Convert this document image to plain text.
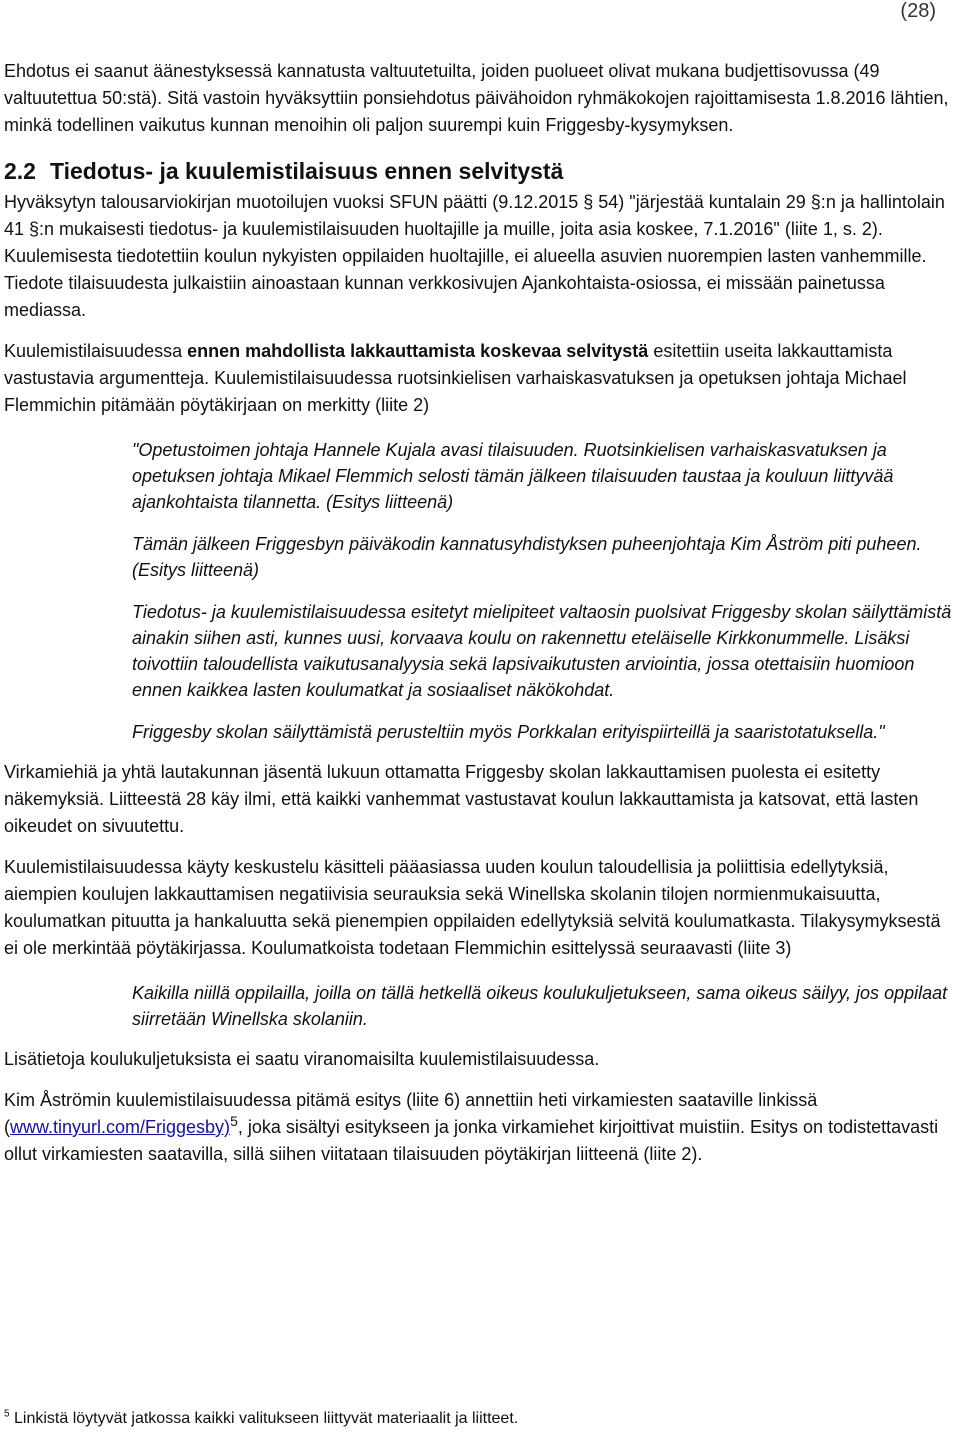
(28)

Ehdotus ei saanut äänestyksessä kannatusta valtuutetuilta, joiden puolueet olivat mukana budjettisovussa (49 valtuutettua 50:stä). Sitä vastoin hyväksyttiin ponsiehdotus päivähoidon ryhmäkokojen rajoittamisesta 1.8.2016 lähtien, minkä todellinen vaikutus kunnan menoihin oli paljon suurempi kuin Friggesby-kysymyksen.

2.2 Tiedotus- ja kuulemistilaisuus ennen selvitystä

Hyväksytyn talousarviokirjan muotoilujen vuoksi SFUN päätti (9.12.2015 § 54) "järjestää kuntalain 29 §:n ja hallintolain 41 §:n mukaisesti tiedotus- ja kuulemistilaisuuden huoltajille ja muille, joita asia koskee, 7.1.2016" (liite 1, s. 2). Kuulemisesta tiedotettiin koulun nykyisten oppilaiden huoltajille, ei alueella asuvien nuorempien lasten vanhemmille.

Tiedote tilaisuudesta julkaistiin ainoastaan kunnan verkkosivujen Ajankohtaista-osiossa, ei missään painetussa mediassa.

Kuulemistilaisuudessa ennen mahdollista lakkauttamista koskevaa selvitystä esitettiin useita lakkauttamista vastustavia argumentteja. Kuulemistilaisuudessa ruotsinkielisen varhaiskasvatuksen ja opetuksen johtaja Michael Flemmichin pitämään pöytäkirjaan on merkitty (liite 2)

"Opetustoimen johtaja Hannele Kujala avasi tilaisuuden. Ruotsinkielisen varhaiskasvatuksen ja opetuksen johtaja Mikael Flemmich selosti tämän jälkeen tilaisuuden taustaa ja kouluun liittyvää ajankohtaista tilannetta. (Esitys liitteenä)

Tämän jälkeen Friggesbyn päiväkodin kannatusyhdistyksen puheenjohtaja Kim Åström piti puheen. (Esitys liitteenä)

Tiedotus- ja kuulemistilaisuudessa esitetyt mielipiteet valtaosin puolsivat Friggesby skolan säilyttämistä ainakin siihen asti, kunnes uusi, korvaava koulu on rakennettu eteläiselle Kirkkonummelle. Lisäksi toivottiin taloudellista vaikutusanalyysia sekä lapsivaikutusten arviointia, jossa otettaisiin huomioon ennen kaikkea lasten koulumatkat ja sosiaaliset näkökohdat.

Friggesby skolan säilyttämistä perusteltiin myös Porkkalan erityispiirteillä ja saaristotatuksella."

Virkamiehiä ja yhtä lautakunnan jäsentä lukuun ottamatta Friggesby skolan lakkauttamisen puolesta ei esitetty näkemyksiä. Liitteestä 28 käy ilmi, että kaikki vanhemmat vastustavat koulun lakkauttamista ja katsovat, että lasten oikeudet on sivuutettu.

Kuulemistilaisuudessa käyty keskustelu käsitteli pääasiassa uuden koulun taloudellisia ja poliittisia edellytyksiä, aiempien koulujen lakkauttamisen negatiivisia seurauksia sekä Winellska skolanin tilojen normienmukaisuutta, koulumatkan pituutta ja hankaluutta sekä pienempien oppilaiden edellytyksiä selvitä koulumatkasta. Tilakysymyksestä ei ole merkintää pöytäkirjassa. Koulumatkoista todetaan Flemmichin esittelyssä seuraavasti (liite 3)

Kaikilla niillä oppilailla, joilla on tällä hetkellä oikeus koulukuljetukseen, sama oikeus säilyy, jos oppilaat siirretään Winellska skolaniin.

Lisätietoja koulukuljetuksista ei saatu viranomaisilta kuulemistilaisuudessa.

Kim Åströmin kuulemistilaisuudessa pitämä esitys (liite 6) annettiin heti virkamiesten saataville linkissä (www.tinyurl.com/Friggesby)$^5$, joka sisältyi esitykseen ja jonka virkamiehet kirjoittivat muistiin. Esitys on todistettavasti ollut virkamiesten saatavilla, sillä siihen viitataan tilaisuuden pöytäkirjan liitteenä (liite 2).

$^5$ Linkistä löytyvät jatkossa kaikki valitukseen liittyvät materiaalit ja liitteet.
